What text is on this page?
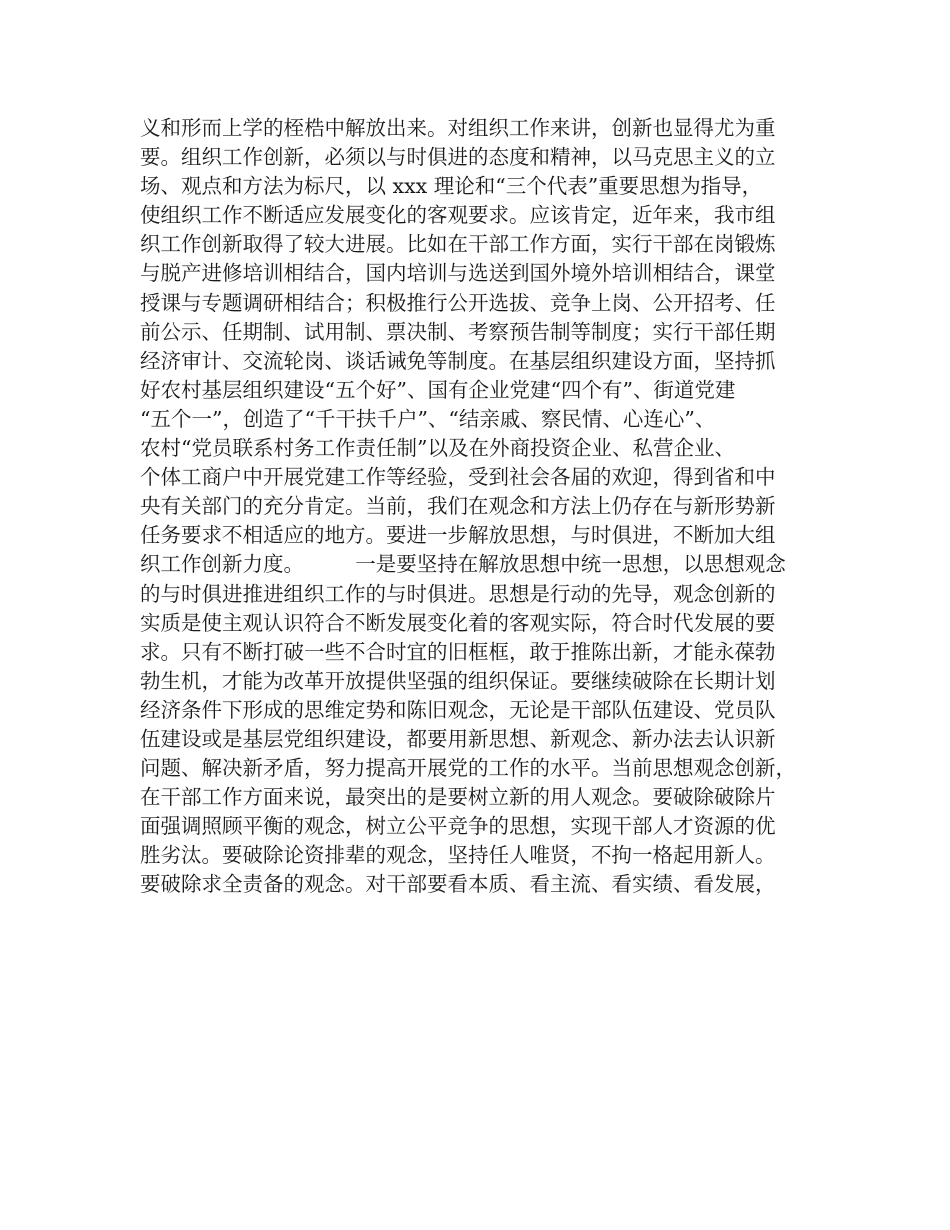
义和形而上学的桎梏中解放出来。对组织工作来讲，创新也显得尤为重
要。组织工作创新，必须以与时俱进的态度和精神，以马克思主义的立
场、观点和方法为标尺，以 xxx 理论和“三个代表”重要思想为指导，
使组织工作不断适应发展变化的客观要求。应该肯定，近年来，我市组
织工作创新取得了较大进展。比如在干部工作方面，实行干部在岗锻炼
与脱产进修培训相结合，国内培训与选送到国外境外培训相结合，课堂
授课与专题调研相结合；积极推行公开选拔、竞争上岗、公开招考、任
前公示、任期制、试用制、票决制、考察预告制等制度；实行干部任期
经济审计、交流轮岗、谈话诫免等制度。在基层组织建设方面，坚持抓
好农村基层组织建设“五个好”、国有企业党建“四个有”、街道党建
“五个一”，创造了“千干扶千户”、“结亲戚、察民情、心连心”、
农村“党员联系村务工作责任制”以及在外商投资企业、私营企业、
个体工商户中开展党建工作等经验，受到社会各届的欢迎，得到省和中
央有关部门的充分肯定。当前，我们在观念和方法上仍存在与新形势新
任务要求不相适应的地方。要进一步解放思想，与时俱进，不断加大组
织工作创新力度。　　　一是要坚持在解放思想中统一思想，以思想观念
的与时俱进推进组织工作的与时俱进。思想是行动的先导，观念创新的
实质是使主观认识符合不断发展变化着的客观实际，符合时代发展的要
求。只有不断打破一些不合时宜的旧框框，敢于推陈出新，才能永葆勃
勃生机，才能为改革开放提供坚强的组织保证。要继续破除在长期计划
经济条件下形成的思维定势和陈旧观念，无论是干部队伍建设、党员队
伍建设或是基层党组织建设，都要用新思想、新观念、新办法去认识新
问题、解决新矛盾，努力提高开展党的工作的水平。当前思想观念创新，
在干部工作方面来说，最突出的是要树立新的用人观念。要破除破除片
面强调照顾平衡的观念，树立公平竞争的思想，实现干部人才资源的优
胜劣汰。要破除论资排辈的观念，坚持任人唯贤，不拘一格起用新人。
要破除求全责备的观念。对干部要看本质、看主流、看实绩、看发展，
